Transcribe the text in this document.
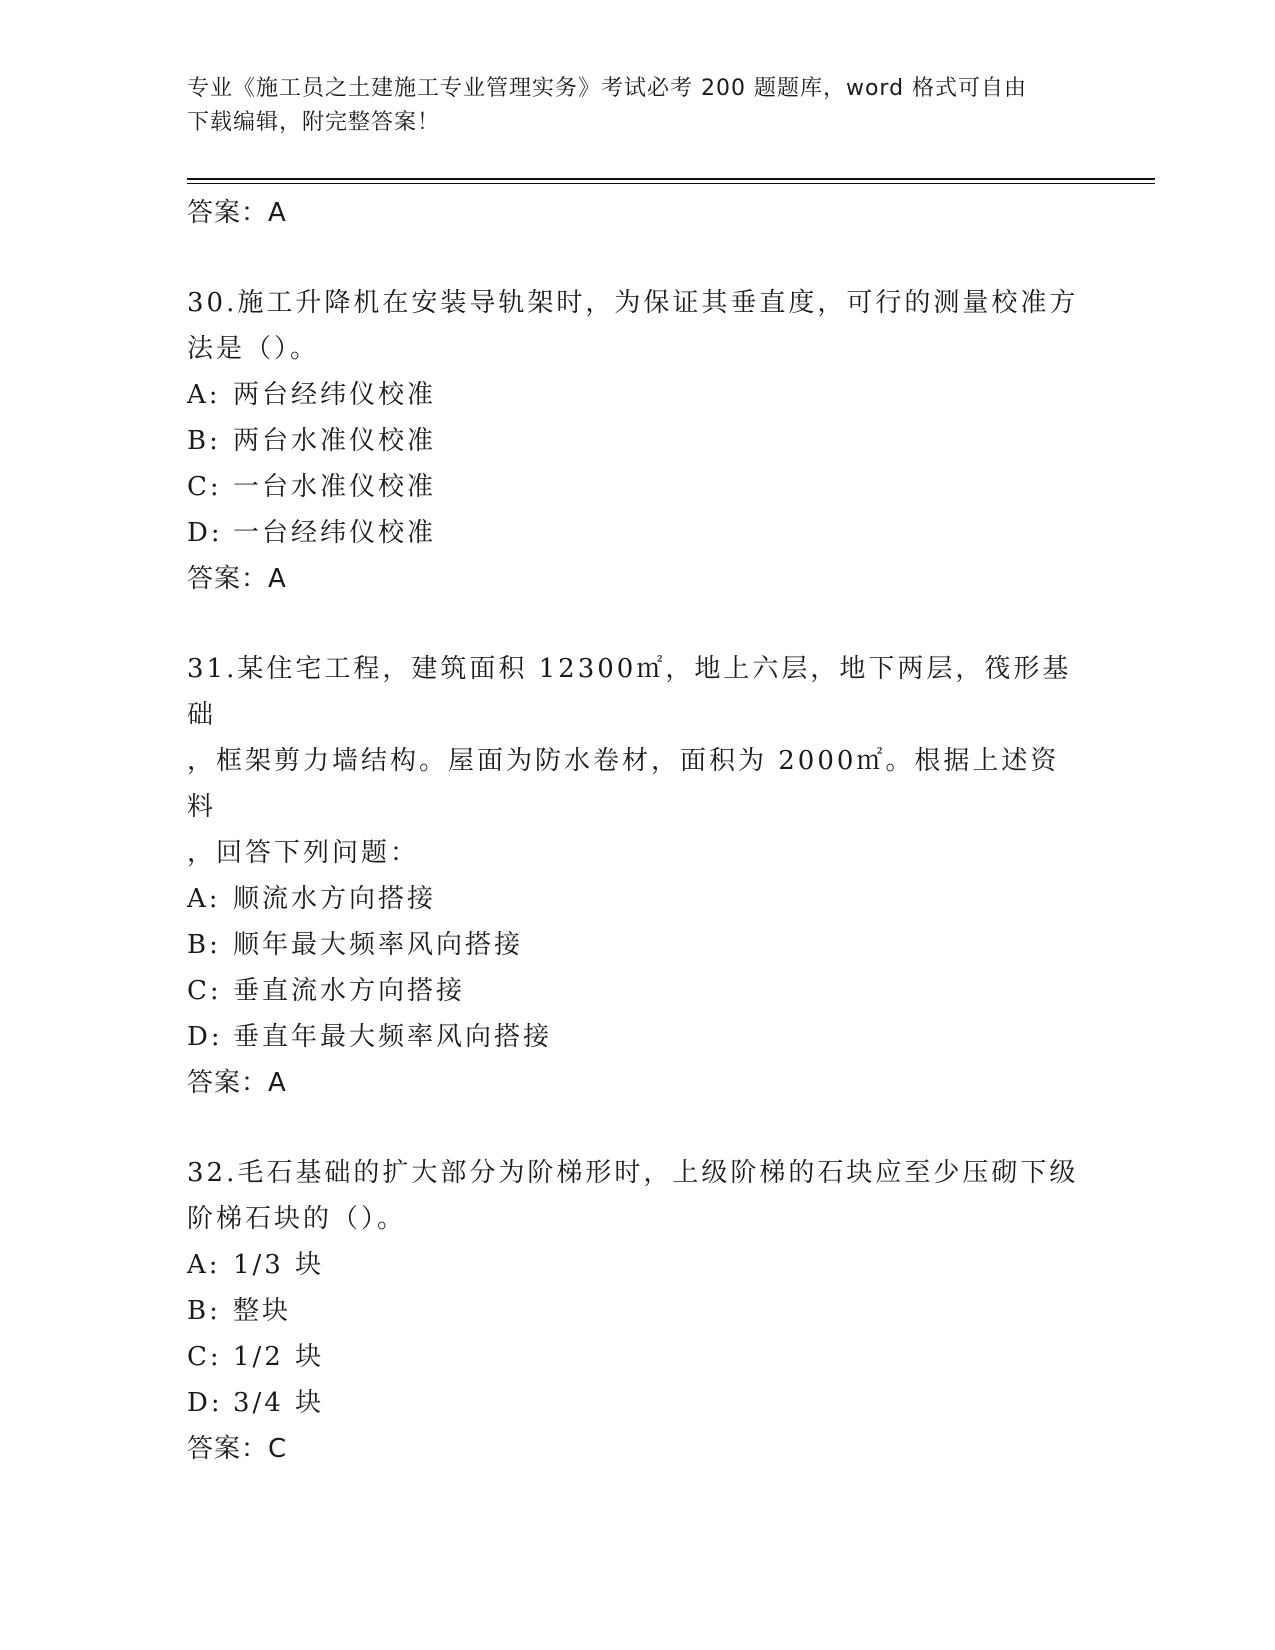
专业《施工员之土建施工专业管理实务》考试必考 200 题题库，word 格式可自由
下载编辑，附完整答案！
答案：A
30.施工升降机在安装导轨架时，为保证其垂直度，可行的测量校准方
法是（）。
A: 两台经纬仪校准
B: 两台水准仪校准
C: 一台水准仪校准
D: 一台经纬仪校准
答案：A
31.某住宅工程，建筑面积 12300㎡，地上六层，地下两层，筏形基础
，框架剪力墙结构。屋面为防水卷材，面积为 2000㎡。根据上述资料
，回答下列问题：
A: 顺流水方向搭接
B: 顺年最大频率风向搭接
C: 垂直流水方向搭接
D: 垂直年最大频率风向搭接
答案：A
32.毛石基础的扩大部分为阶梯形时，上级阶梯的石块应至少压砌下级
阶梯石块的（）。
A: 1/3 块
B: 整块
C: 1/2 块
D: 3/4 块
答案：C
